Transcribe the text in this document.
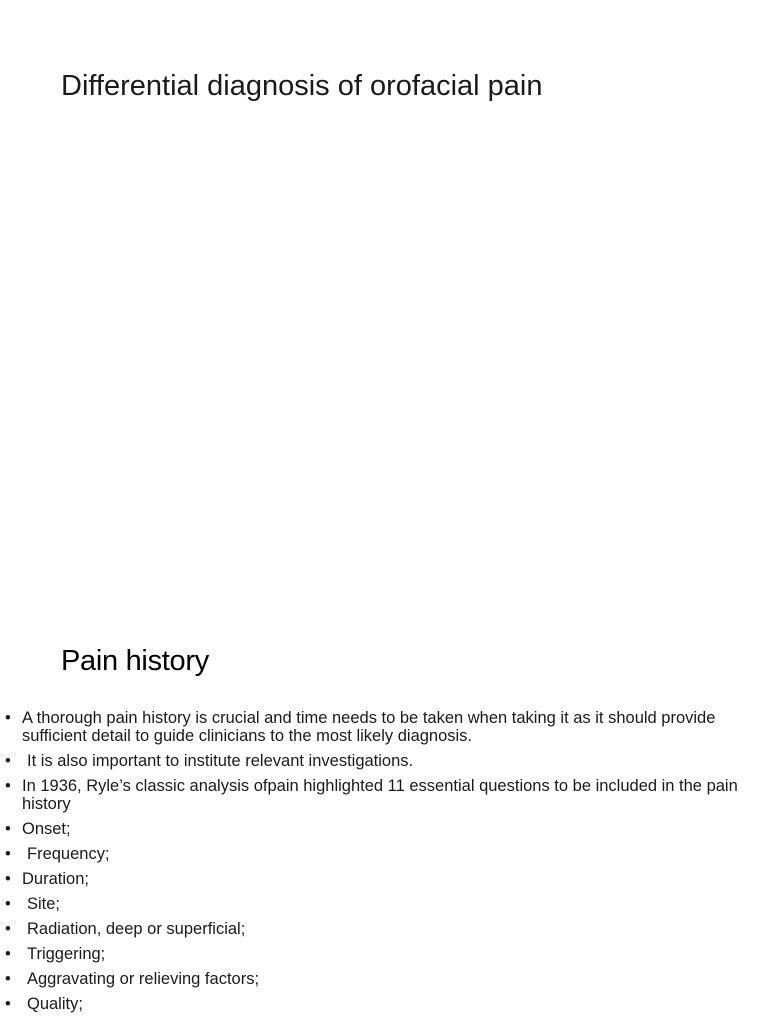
Differential diagnosis of orofacial pain
Pain history
• A thorough pain history is crucial and time needs to be taken when taking it as it should provide sufficient detail to guide clinicians to the most likely diagnosis.
• It is also important to institute relevant investigations.
• In 1936, Ryle’s classic analysis ofpain highlighted 11 essential questions to be included in the pain history
• Onset;
• Frequency;
• Duration;
• Site;
• Radiation, deep or superficial;
• Triggering;
• Aggravating or relieving factors;
• Quality;
